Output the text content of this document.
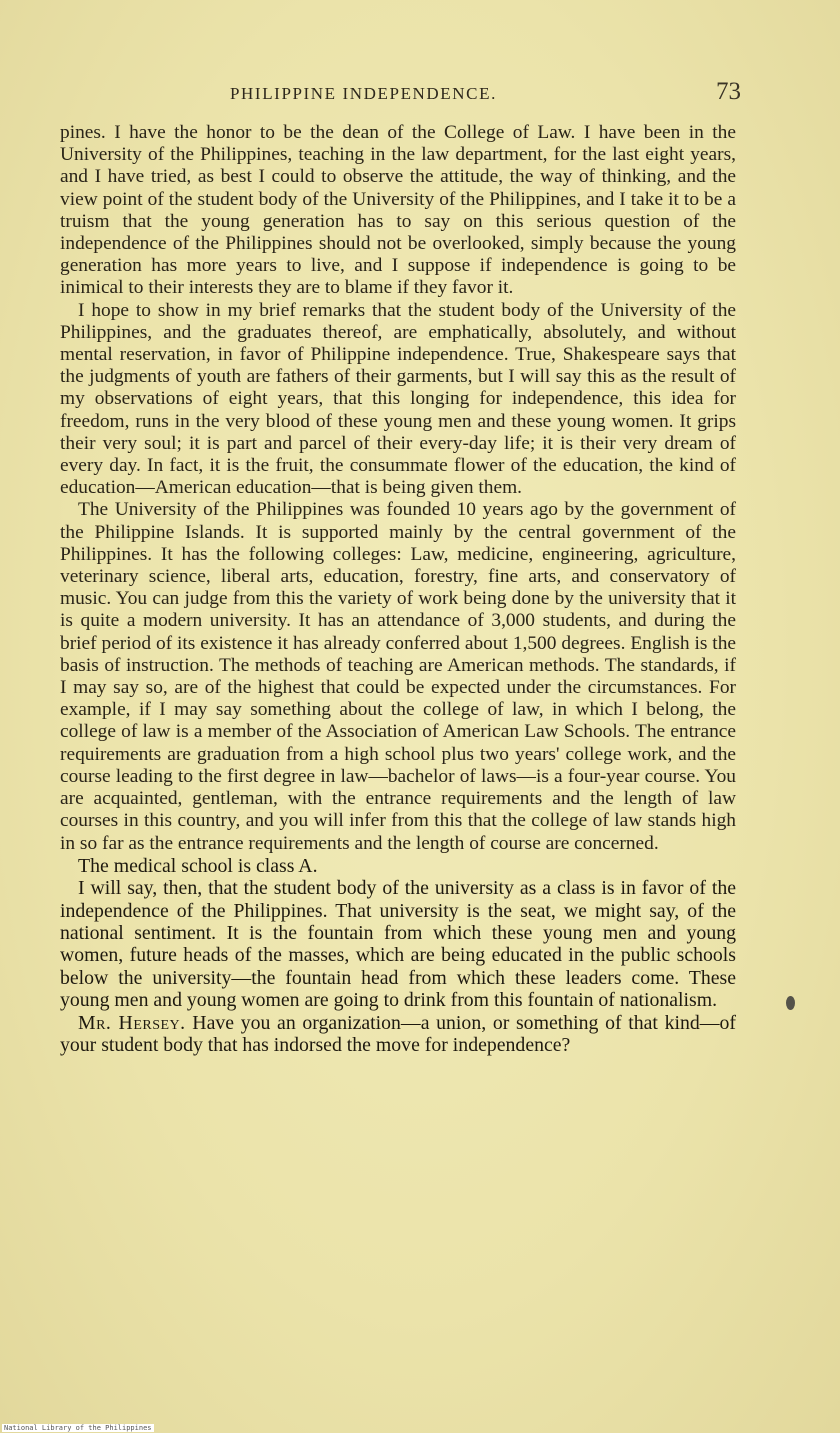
PHILIPPINE INDEPENDENCE.	73

pines. I have the honor to be the dean of the College of Law. I have been in the University of the Philippines, teaching in the law department, for the last eight years, and I have tried, as best I could to observe the attitude, the way of thinking, and the view point of the student body of the University of the Philippines, and I take it to be a truism that the young generation has to say on this serious question of the independence of the Philippines should not be overlooked, simply because the young generation has more years to live, and I suppose if independence is going to be inimical to their interests they are to blame if they favor it.

I hope to show in my brief remarks that the student body of the University of the Philippines, and the graduates thereof, are emphatically, absolutely, and without mental reservation, in favor of Philippine independence. True, Shakespeare says that the judgments of youth are fathers of their garments, but I will say this as the result of my observations of eight years, that this longing for independence, this idea for freedom, runs in the very blood of these young men and these young women. It grips their very soul; it is part and parcel of their every-day life; it is their very dream of every day. In fact, it is the fruit, the consummate flower of the education, the kind of education—American education—that is being given them.

The University of the Philippines was founded 10 years ago by the government of the Philippine Islands. It is supported mainly by the central government of the Philippines. It has the following colleges: Law, medicine, engineering, agriculture, veterinary science, liberal arts, education, forestry, fine arts, and conservatory of music. You can judge from this the variety of work being done by the university that it is quite a modern university. It has an attendance of 3,000 students, and during the brief period of its existence it has already conferred about 1,500 degrees. English is the basis of instruction. The methods of teaching are American methods. The standards, if I may say so, are of the highest that could be expected under the circumstances. For example, if I may say something about the college of law, in which I belong, the college of law is a member of the Association of American Law Schools. The entrance requirements are graduation from a high school plus two years' college work, and the course leading to the first degree in law—bachelor of laws—is a four-year course. You are acquainted, gentleman, with the entrance requirements and the length of law courses in this country, and you will infer from this that the college of law stands high in so far as the entrance requirements and the length of course are concerned.

The medical school is class A.

I will say, then, that the student body of the university as a class is in favor of the independence of the Philippines. That university is the seat, we might say, of the national sentiment. It is the fountain from which these young men and young women, future heads of the masses, which are being educated in the public schools below the university—the fountain head from which these leaders come. These young men and young women are going to drink from this fountain of nationalism.

Mr. Hersey. Have you an organization—a union, or something of that kind—of your student body that has indorsed the move for independence?

National Library of the Philippines
